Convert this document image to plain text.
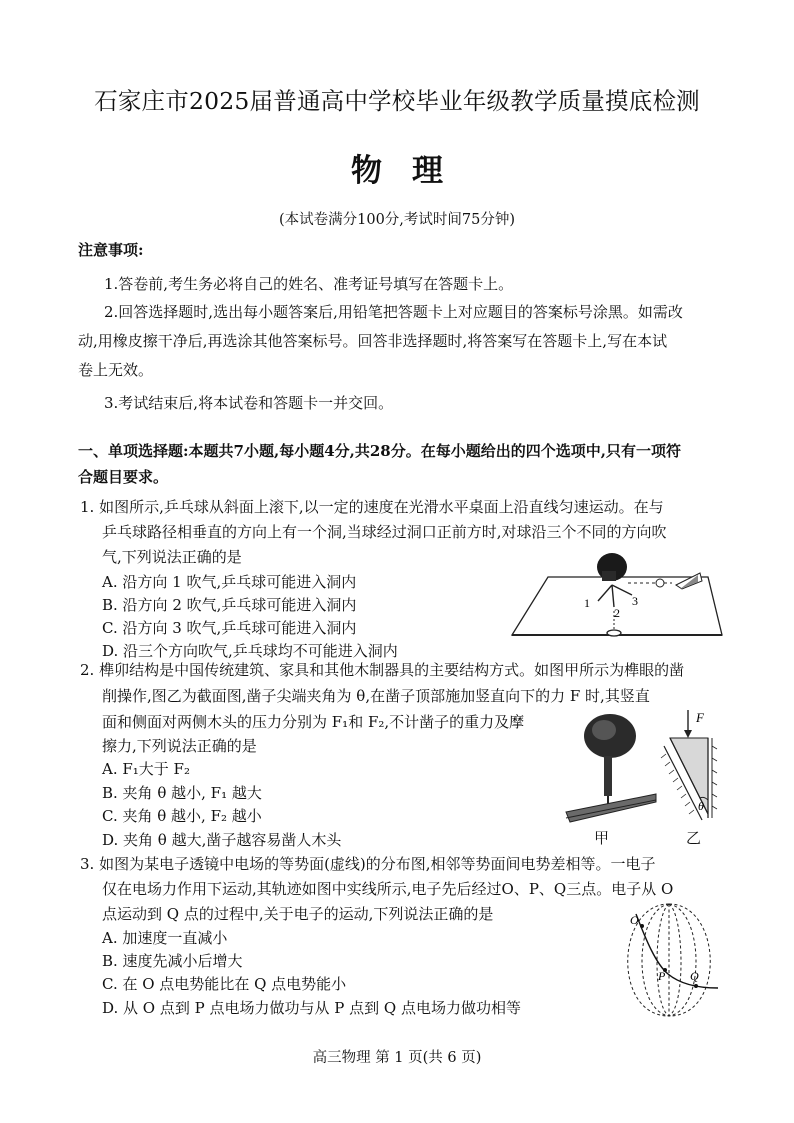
石家庄市2025届普通高中学校毕业年级教学质量摸底检测
物理
(本试卷满分100分,考试时间75分钟)
注意事项:
1.答卷前,考生务必将自己的姓名、准考证号填写在答题卡上。
2.回答选择题时,选出每小题答案后,用铅笔把答题卡上对应题目的答案标号涂黑。如需改
动,用橡皮擦干净后,再选涂其他答案标号。回答非选择题时,将答案写在答题卡上,写在本试
卷上无效。
3.考试结束后,将本试卷和答题卡一并交回。
一、单项选择题:本题共7小题,每小题4分,共28分。在每小题给出的四个选项中,只有一项符
合题目要求。
1. 如图所示,乒乓球从斜面上滚下,以一定的速度在光滑水平桌面上沿直线匀速运动。在与
乒乓球路径相垂直的方向上有一个洞,当球经过洞口正前方时,对球沿三个不同的方向吹
气,下列说法正确的是
A. 沿方向 1 吹气,乒乓球可能进入洞内
B. 沿方向 2 吹气,乒乓球可能进入洞内
C. 沿方向 3 吹气,乒乓球可能进入洞内
D. 沿三个方向吹气,乒乓球均不可能进入洞内
1
2
3
2. 榫卯结构是中国传统建筑、家具和其他木制器具的主要结构方式。如图甲所示为榫眼的凿
削操作,图乙为截面图,凿子尖端夹角为 θ,在凿子顶部施加竖直向下的力 F 时,其竖直
面和侧面对两侧木头的压力分别为 F₁和 F₂,不计凿子的重力及摩
擦力,下列说法正确的是
A. F₁大于 F₂
B. 夹角 θ 越小, F₁ 越大
C. 夹角 θ 越小, F₂ 越小
D. 夹角 θ 越大,凿子越容易凿人木头	甲
F
θ
乙
3. 如图为某电子透镜中电场的等势面(虚线)的分布图,相邻等势面间电势差相等。一电子
仅在电场力作用下运动,其轨迹如图中实线所示,电子先后经过O、P、Q三点。电子从 O
点运动到 Q 点的过程中,关于电子的运动,下列说法正确的是
A. 加速度一直减小
B. 速度先减小后增大
C. 在 O 点电势能比在 Q 点电势能小
D. 从 O 点到 P 点电场力做功与从 P 点到 Q 点电场力做功相等
O
P Q
高三物理 第 1 页(共 6 页)
